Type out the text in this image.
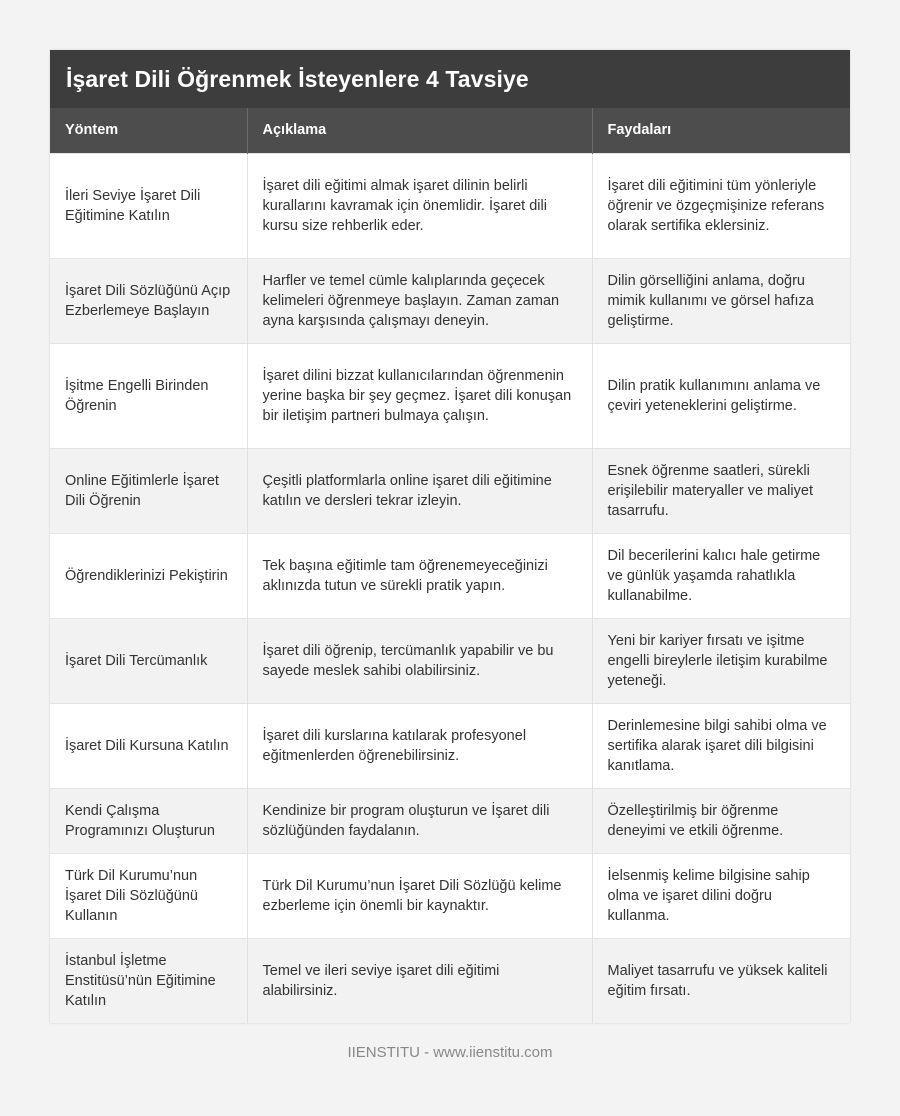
İşaret Dili Öğrenmek İsteyenlere 4 Tavsiye
Yöntem	Açıklama	Faydaları
İleri Seviye İşaret Dili Eğitimine Katılın	İşaret dili eğitimi almak işaret dilinin belirli kurallarını kavramak için önemlidir. İşaret dili kursu size rehberlik eder.	İşaret dili eğitimini tüm yönleriyle öğrenir ve özgeçmişinize referans olarak sertifika eklersiniz.
İşaret Dili Sözlüğünü Açıp Ezberlemeye Başlayın	Harfler ve temel cümle kalıplarında geçecek kelimeleri öğrenmeye başlayın. Zaman zaman ayna karşısında çalışmayı deneyin.	Dilin görselliğini anlama, doğru mimik kullanımı ve görsel hafıza geliştirme.
İşitme Engelli Birinden Öğrenin	İşaret dilini bizzat kullanıcılarından öğrenmenin yerine başka bir şey geçmez. İşaret dili konuşan bir iletişim partneri bulmaya çalışın.	Dilin pratik kullanımını anlama ve çeviri yeteneklerini geliştirme.
Online Eğitimlerle İşaret Dili Öğrenin	Çeşitli platformlarla online işaret dili eğitimine katılın ve dersleri tekrar izleyin.	Esnek öğrenme saatleri, sürekli erişilebilir materyaller ve maliyet tasarrufu.
Öğrendiklerinizi Pekiştirin	Tek başına eğitimle tam öğrenemeyeceğinizi aklınızda tutun ve sürekli pratik yapın.	Dil becerilerini kalıcı hale getirme ve günlük yaşamda rahatlıkla kullanabilme.
İşaret Dili Tercümanlık	İşaret dili öğrenip, tercümanlık yapabilir ve bu sayede meslek sahibi olabilirsiniz.	Yeni bir kariyer fırsatı ve işitme engelli bireylerle iletişim kurabilme yeteneği.
İşaret Dili Kursuna Katılın	İşaret dili kurslarına katılarak profesyonel eğitmenlerden öğrenebilirsiniz.	Derinlemesine bilgi sahibi olma ve sertifika alarak işaret dili bilgisini kanıtlama.
Kendi Çalışma Programınızı Oluşturun	Kendinize bir program oluşturun ve İşaret dili sözlüğünden faydalanın.	Özelleştirilmiş bir öğrenme deneyimi ve etkili öğrenme.
Türk Dil Kurumu’nun İşaret Dili Sözlüğünü Kullanın	Türk Dil Kurumu’nun İşaret Dili Sözlüğü kelime ezberleme için önemli bir kaynaktır.	İelsenmiş kelime bilgisine sahip olma ve işaret dilini doğru kullanma.
İstanbul İşletme Enstitüsü’nün Eğitimine Katılın	Temel ve ileri seviye işaret dili eğitimi alabilirsiniz.	Maliyet tasarrufu ve yüksek kaliteli eğitim fırsatı.
IIENSTITU - www.iienstitu.com
